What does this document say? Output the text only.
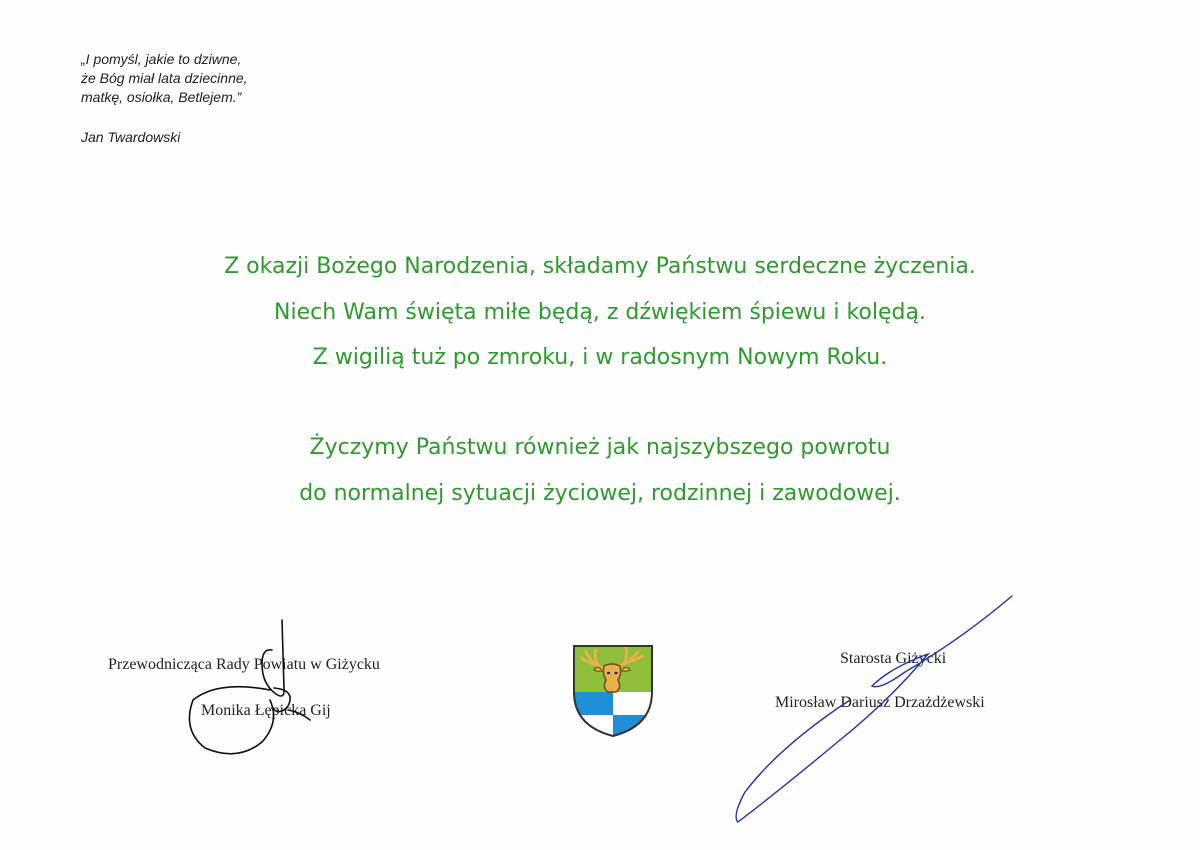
„I pomyśl, jakie to dziwne,
że Bóg miał lata dziecinne,
matkę, osiołka, Betlejem.”
Jan Twardowski
Z okazji Bożego Narodzenia, składamy Państwu serdeczne życzenia.
Niech Wam święta miłe będą, z dźwiękiem śpiewu i kolędą.
Z wigilią tuż po zmroku, i w radosnym Nowym Roku.
Życzymy Państwu również jak najszybszego powrotu
do normalnej sytuacji życiowej, rodzinnej i zawodowej.
Przewodnicząca Rady Powiatu w Giżycku
Monika Łępicka Gij
Starosta Giżycki
Mirosław Dariusz Drzażdżewski
